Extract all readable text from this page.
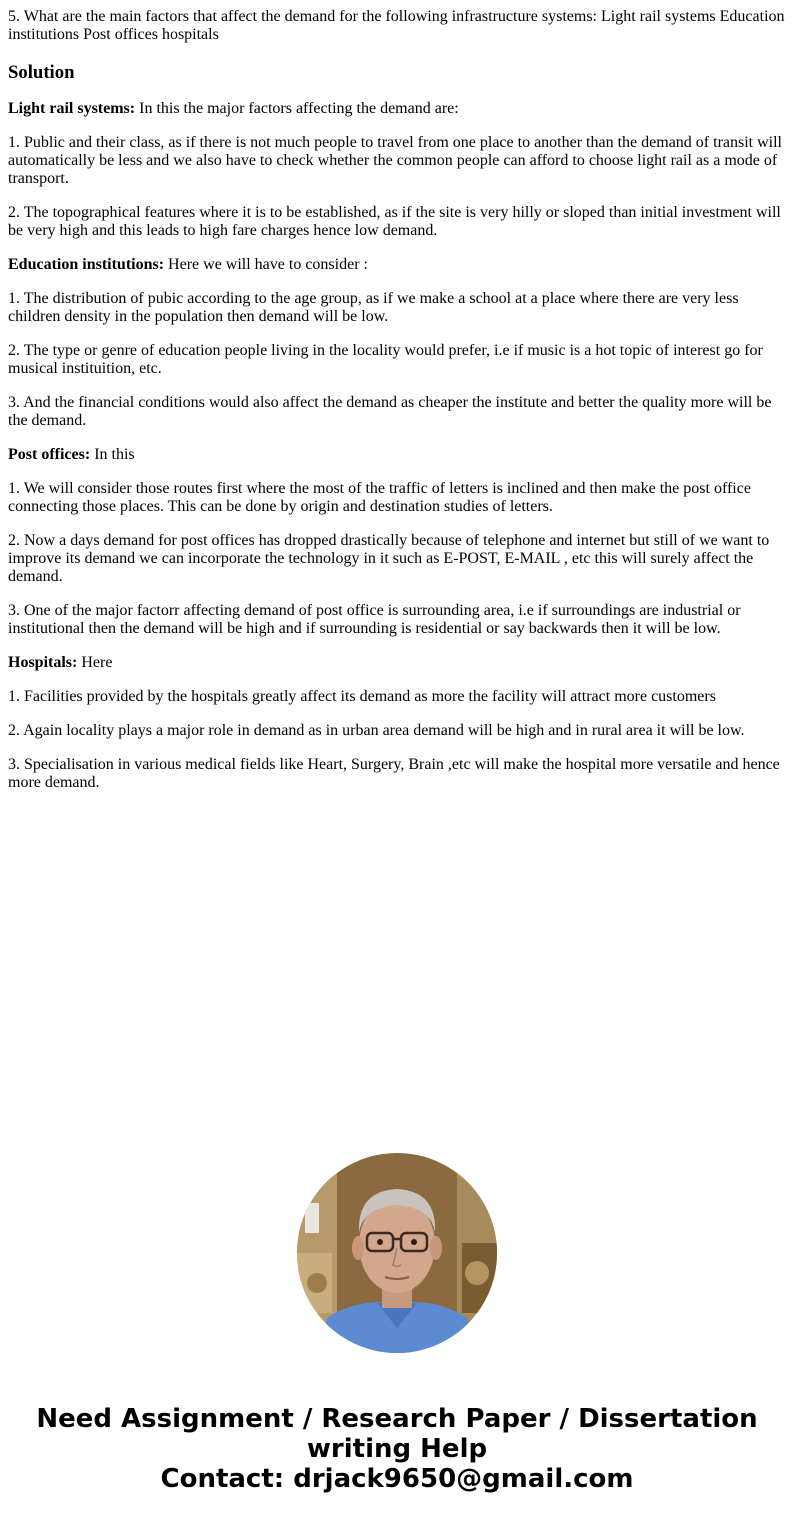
5. What are the main factors that affect the demand for the following infrastructure systems: Light rail systems Education institutions Post offices hospitals
Solution

Light rail systems: In this the major factors affecting the demand are:

1. Public and their class, as if there is not much people to travel from one place to another than the demand of transit will automatically be less and we also have to check whether the common people can afford to choose light rail as a mode of transport.

2. The topographical features where it is to be established, as if the site is very hilly or sloped than initial investment will be very high and this leads to high fare charges hence low demand.

Education institutions: Here we will have to consider :

1. The distribution of pubic according to the age group, as if we make a school at a place where there are very less children density in the population then demand will be low.

2. The type or genre of education people living in the locality would prefer, i.e if music is a hot topic of interest go for musical instituition, etc.

3. And the financial conditions would also affect the demand as cheaper the institute and better the quality more will be the demand.

Post offices: In this

1. We will consider those routes first where the most of the traffic of letters is inclined and then make the post office connecting those places. This can be done by origin and destination studies of letters.

2. Now a days demand for post offices has dropped drastically because of telephone and internet but still of we want to improve its demand we can incorporate the technology in it such as E-POST, E-MAIL , etc this will surely affect the demand.

3. One of the major factorr affecting demand of post office is surrounding area, i.e if surroundings are industrial or institutional then the demand will be high and if surrounding is residential or say backwards then it will be low.

Hospitals: Here

1. Facilities provided by the hospitals greatly affect its demand as more the facility will attract more customers

2. Again locality plays a major role in demand as in urban area demand will be high and in rural area it will be low.

3. Specialisation in various medical fields like Heart, Surgery, Brain ,etc will make the hospital more versatile and hence more demand.

Need Assignment / Research Paper / Dissertation
writing Help
Contact: drjack9650@gmail.com
